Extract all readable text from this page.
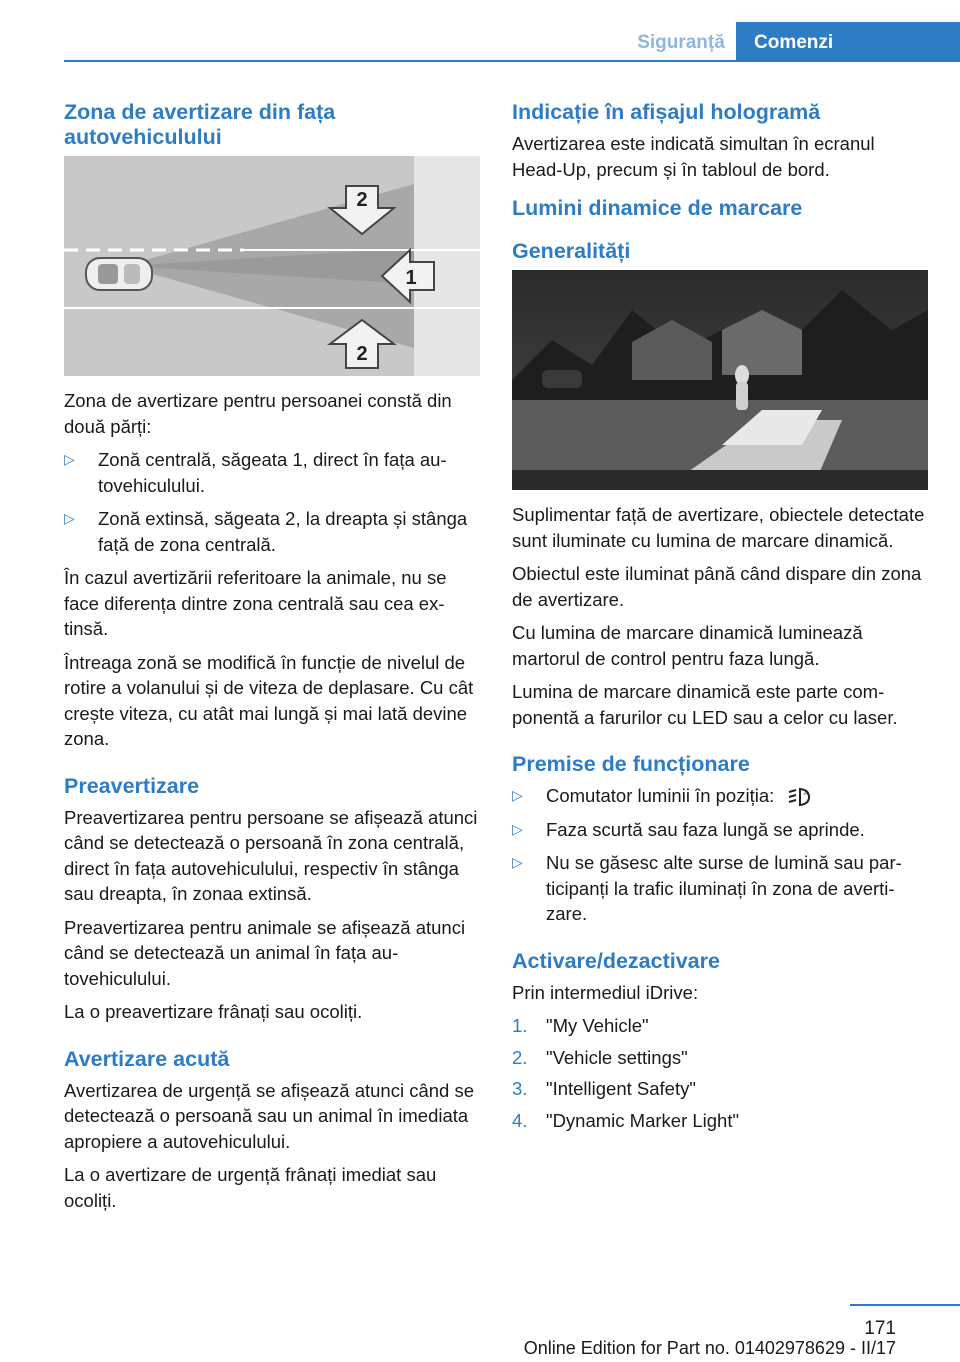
Siguranță	Comenzi
Zona de avertizare din fața autovehiculului
2
1
2

Zona de avertizare pentru persoanei constă din două părți:

▷ Zonă centrală, săgeata 1, direct în fața autovehiculului.
▷ Zonă extinsă, săgeata 2, la dreapta și stânga față de zona centrală.

În cazul avertizării referitoare la animale, nu se face diferența dintre zona centrală sau cea extinsă.

Întreaga zonă se modifică în funcție de nivelul de rotire a volanului și de viteza de deplasare. Cu cât crește viteza, cu atât mai lungă și mai lată devine zona.

Preavertizare

Preavertizarea pentru persoane se afișează atunci când se detectează o persoană în zona centrală, direct în fața autovehiculului, respectiv în stânga sau dreapta, în zonaa extinsă.

Preavertizarea pentru animale se afișează atunci când se detectează un animal în fața autovehiculului.

La o preavertizare frânați sau ocoliți.

Avertizare acută

Avertizarea de urgență se afișează atunci când se detectează o persoană sau un animal în imediata apropiere a autovehiculului.

La o avertizare de urgență frânați imediat sau ocoliți.

Indicație în afișajul hologramă

Avertizarea este indicată simultan în ecranul Head-Up, precum și în tabloul de bord.

Lumini dinamice de marcare
Generalități

Suplimentar față de avertizare, obiectele detectate sunt iluminate cu lumina de marcare dinamică.

Obiectul este iluminat până când dispare din zona de avertizare.

Cu lumina de marcare dinamică luminează martorul de control pentru faza lungă.

Lumina de marcare dinamică este parte componentă a farurilor cu LED sau a celor cu laser.

Premise de funcționare
▷ Comutator luminii în poziția:	A
▷ Faza scurtă sau faza lungă se aprinde.
▷ Nu se găsesc alte surse de lumină sau participanți la trafic iluminați în zona de avertizare.
Activare/dezactivare

Prin intermediul iDrive:

1. "My Vehicle"
2. "Vehicle settings"
3. "Intelligent Safety"
4. "Dynamic Marker Light"
171
Online Edition for Part no. 01402978629 - II/17
